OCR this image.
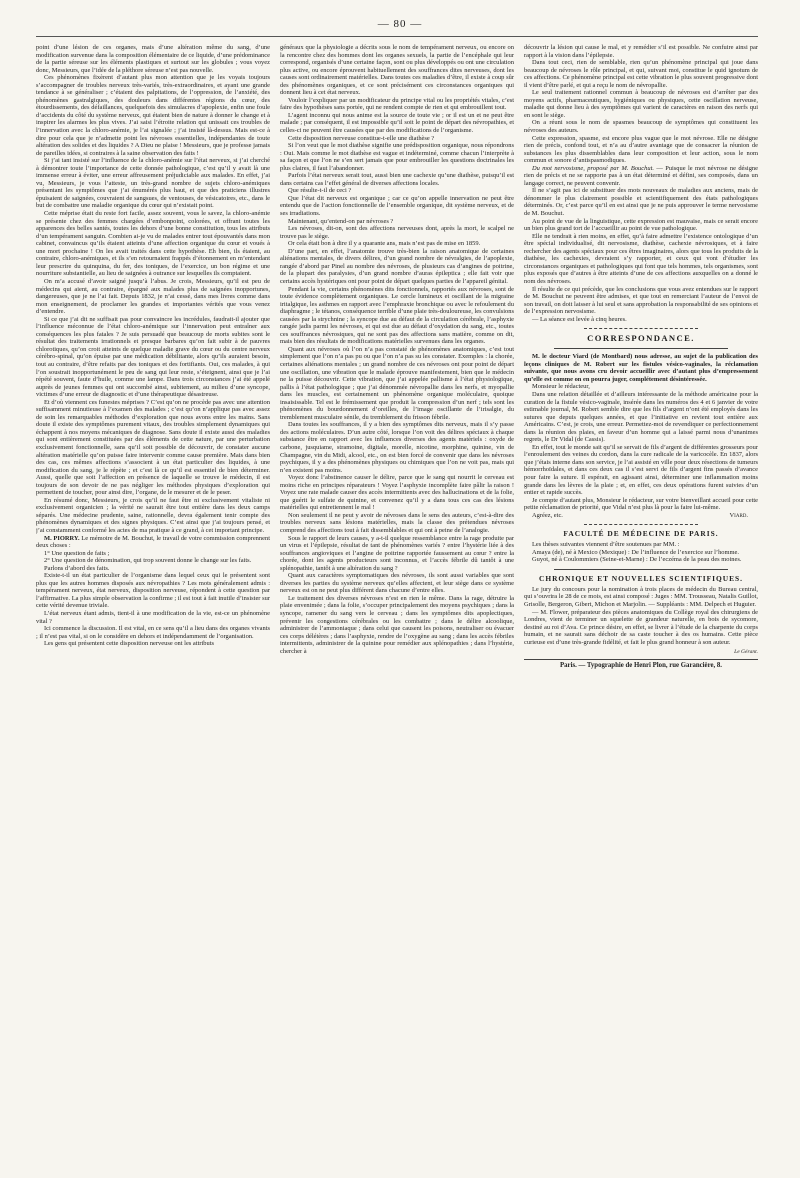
— 80 —

point d’une lésion de ces organes, mais d’une altération même du sang, d’une modification survenue dans la composition élémentaire de ce liquide, d’une prédominance de la partie séreuse sur les éléments plastiques et surtout sur les globules ; vous voyez donc, Messieurs, que l’idée de la pléthore séreuse n’est pas nouvelle.

Ces phénomènes fixèrent d’autant plus mon attention que je les voyais toujours s’accompagner de troubles nerveux très-variés, très-extraordinaires, et ayant une grande tendance à se généraliser ; c’étaient des palpitations, de l’oppression, de l’anxiété, des phénomènes gastralgiques, des douleurs dans différentes régions du cœur, des étourdissements, des défaillances, quelquefois des simulacres d’apoplexie, enfin une foule d’accidents du côté du système nerveux, qui étaient bien de nature à donner le change et à inspirer les alarmes les plus vives. J’ai saisi l’étroite relation qui unissait ces troubles de l’innervation avec la chloro-anémie, je l’ai signalée ; j’ai insisté là-dessus. Mais est-ce à dire pour cela que je n’admette point les névroses essentielles, indépendantes de toute altération des solides et des liquides ? A Dieu ne plaise ! Messieurs, que je professe jamais de pareilles idées, si contraires à la saine observation des faits !

Si j’ai tant insisté sur l’influence de la chloro-anémie sur l’état nerveux, si j’ai cherché à démontrer toute l’importance de cette donnée pathologique, c’est qu’il y avait là une immense erreur à éviter, une erreur affreusement préjudiciable aux malades. En effet, j’ai vu, Messieurs, je vous l’atteste, un très-grand nombre de sujets chloro-anémiques présentant les symptômes que j’ai énumérés plus haut, et que des praticiens illustres épuisaient de saignées, couvraient de sangsues, de ventouses, de vésicatoires, etc., dans le but de combattre une maladie organique du cœur qui n’existait point.

Cette méprise était du reste fort facile, assez souvent, vous le savez, la chloro-anémie se présente chez des femmes chargées d’embonpoint, colorées, et offrant toutes les apparences des belles santés, toutes les dehors d’une bonne constitution, tous les attributs d’un tempérament sanguin. Combien ai-je vu de malades entrer tout épouvantés dans mon cabinet, convaincus qu’ils étaient atteints d’une affection organique du cœur et voués à une mort prochaine ! On les avait traités dans cette hypothèse. Eh bien, ils étaient, au contraire, chloro-anémiques, et ils s’en retournaient frappés d’étonnement en m’entendant leur prescrire du quinquina, du fer, des toniques, de l’exercice, un bon régime et une nourriture substantielle, au lieu de saignées à outrance sur lesquelles ils comptaient.

On m’a accusé d’avoir saigné jusqu’à l’abus. Je crois, Messieurs, qu’il est peu de médecins qui aient, au contraire, épargné aux malades plus de saignées inopportunes, dangereuses, que je ne l’ai fait. Depuis 1832, je n’ai cessé, dans mes livres comme dans mon enseignement, de proclamer les grandes et importantes vérités que vous venez d’entendre.

Si ce que j’ai dit ne suffisait pas pour convaincre les incrédules, faudrait-il ajouter que l’influence méconnue de l’état chloro-anémique sur l’innervation peut entraîner aux conséquences les plus fatales ? Je suis persuadé que beaucoup de morts subites sont le résultat des traitements irrationnels et presque barbares qu’on fait subir à de pauvres chlorotiques, qu’on croit atteints de quelque maladie grave du cœur ou du centre nerveux cérébro-spinal, qu’on épuise par une médication débilitante, alors qu’ils auraient besoin, tout au contraire, d’être refaits par des toniques et des fortifiants. Oui, ces malades, à qui l’on soustrait inopportunément le peu de sang qui leur reste, s’éteignent, ainsi que je l’ai répété souvent, faute d’huile, comme une lampe. Dans trois circonstances j’ai été appelé auprès de jeunes femmes qui ont succombé ainsi, subitement, au milieu d’une syncope, victimes d’une erreur de diagnostic et d’une thérapeutique désastreuse.

Et d’où viennent ces funestes méprises ? C’est qu’on ne procède pas avec une attention suffisamment minutieuse à l’examen des malades ; c’est qu’on n’applique pas avec assez de soin les remarquables méthodes d’exploration que nous avons entre les mains. Sans doute il existe des symptômes purement vitaux, des troubles simplement dynamiques qui échappent à nos moyens mécaniques de diagnose. Sans doute il existe aussi des maladies qui sont entièrement constituées par des éléments de cette nature, par une perturbation exclusivement fonctionnelle, sans qu’il soit possible de découvrir, de constater aucune altération matérielle qu’on puisse faire intervenir comme cause première. Mais dans bien des cas, ces mêmes affections s’associent à un état particulier des liquides, à une modification du sang, je le répète ; et c’est là ce qu’il est essentiel de bien déterminer. Aussi, quelle que soit l’affection en présence de laquelle se trouve le médecin, il est toujours de son devoir de ne pas négliger les méthodes physiques d’exploration qui permettent de toucher, pour ainsi dire, l’organe, de le mesurer et de le peser.

En résumé donc, Messieurs, je crois qu’il ne faut être ni exclusivement vitaliste ni exclusivement organicien ; la vérité ne saurait être tout entière dans les deux camps séparés. Une médecine prudente, saine, rationnelle, devra également tenir compte des phénomènes dynamiques et des signes physiques. C’est ainsi que j’ai toujours pensé, et j’ai constamment conformé les actes de ma pratique à ce grand, à cet important principe.

M. PIORRY. Le mémoire de M. Bouchut, le travail de votre commission comprennent deux choses :

1° Une question de faits ;

2° Une question de dénomination, qui trop souvent donne le change sur les faits.

Parlons d’abord des faits.

Existe-t-il un état particulier de l’organisme dans lequel ceux qui le présentent sont plus que les autres hommes disposés aux névropathies ? Les mots généralement admis : tempérament nerveux, état nerveux, disposition nerveuse, répondent à cette question par l’affirmative. La plus simple observation la confirme ; il est tout à fait inutile d’insister sur cette vérité devenue triviale.

L’état nerveux étant admis, tient-il à une modification de la vie, est-ce un phénomène vital ?

Ici commence la discussion. Il est vital, en ce sens qu’il a lieu dans des organes vivants ; il n’est pas vital, si on le considère en dehors et indépendamment de l’organisation.

Les gens qui présentent cette disposition nerveuse ont les attributs

généraux que la physiologie a décrits sous le nom de tempérament nerveux, ou encore on la rencontre chez des hommes dont les organes sexuels, la partie de l’encéphale qui leur correspond, organisés d’une certaine façon, sont ou plus développés ou ont une circulation plus active, ou encore éprouvent habituellement des souffrances dites nerveuses, dont les causes sont ordinairement matérielles. Dans toutes ces maladies d’être, il existe à coup sûr des phénomènes organiques, et ce sont précisément ces circonstances organiques qui donnent lieu à cet état nerveux.

Vouloir l’expliquer par un modificateur du principe vital ou les propriétés vitales, c’est faire des hypothèses sans portée, qui ne rendent compte de rien et qui embrouillent tout.

L’agent inconnu qui nous anime est la source de toute vie ; or il est un et ne peut être malade ; par conséquent, il est impossible qu’il soit le point de départ des névropathies, et celles-ci ne peuvent être causées que par des modifications de l’organisme.

Cette disposition nerveuse constitue-t-elle une diathèse ?

Si l’on veut que le mot diathèse signifie une prédisposition organique, nous répondrons : Oui. Mais comme le mot diathèse est vague et indéterminé, comme chacun l’interprète à sa façon et que l’on ne s’en sert jamais que pour embrouiller les questions doctrinales les plus claires, il faut l’abandonner.

Parfois l’état nerveux serait tout, aussi bien une cachexie qu’une diathèse, puisqu’il est dans certains cas l’effet général de diverses affections locales.

Que résulte-t-il de ceci ?

Que l’état dit nerveux est organique ; car ce qu’on appelle innervation ne peut être entendu que de l’action fonctionnelle de l’ensemble organique, dit système nerveux, et de ses irradiations.

Maintenant, qu’entend-on par névroses ?

Les névroses, dit-on, sont des affections nerveuses dont, après la mort, le scalpel ne trouve pas le siège.

Or cela était bon à dire il y a quarante ans, mais n’est pas de mise en 1859.

D’une part, en effet, l’anatomie trouve très-bien la raison anatomique de certaines aliénations mentales, de divers délires, d’un grand nombre de névralgies, de l’apoplexie, rangée d’abord par Pinel au nombre des névroses, de plusieurs cas d’angines de poitrine, de la plupart des paralysies, d’un grand nombre d’auras épileptica ; elle fait voir que certains accès hystériques ont pour point de départ quelques parties de l’appareil génital.

Pendant la vie, certains phénomènes dits fonctionnels, rapportés aux névroses, sont de toute évidence complètement organiques. Le cercle lumineux et oscillant de la migraine iritalgique, les asthmes en rapport avec l’emphraxie bronchique ou avec le refoulement du diaphragme ; le tétanos, conséquence terrible d’une plaie très-douloureuse, les convulsions causées par la strychnine ; la syncope due au défaut de la circulation cérébrale, l’asphyxie rangée jadis parmi les névroses, et qui est due au défaut d’oxydation du sang, etc., toutes ces souffrances névrosiques, qui ne sont pas des affections sans matière, comme on dit, mais bien des résultats de modifications matérielles survenues dans les organes.

Quant aux névroses où l’on n’a pas constaté de phénomènes anatomiques, c’est tout simplement que l’on n’a pas pu ou que l’on n’a pas su les constater. Exemples : la chorée, certaines aliénations mentales ; un grand nombre de ces névroses ont pour point de départ une oscillation, une vibration que le malade éprouve manifestement, bien que le médecin ne la puisse découvrir. Cette vibration, que j’ai appelée pallisme à l’état physiologique, pallis à l’état pathologique ; que j’ai dénommée névropallie dans les nerfs, et myopallie dans les muscles, est certainement un phénomène organique moléculaire, quoique insaisissable. Tel est le frémissement que produit la compression d’un nerf ; tels sont les phénomènes du bourdonnement d’oreilles, de l’image oscillante de l’irisalgie, du tremblement musculaire sénile, du tremblement du frisson fébrile.

Dans toutes les souffrances, il y a bien des symptômes dits nerveux, mais il s’y passe des actions moléculaires. D’un autre côté, lorsque l’on voit des délires spéciaux à chaque substance être en rapport avec les influences diverses des agents matériels : oxyde de carbone, jusquiame, stramoine, digitale, morelle, nicotine, morphine, quinine, vin de Champagne, vin du Midi, alcool, etc., on est bien forcé de convenir que dans les névroses psychiques, il y a des phénomènes physiques ou chimiques que l’on ne voit pas, mais qui n’en existent pas moins.

Voyez donc l’abstinence causer le délire, parce que le sang qui nourrit le cerveau est moins riche en principes réparateurs ! Voyez l’asphyxie incomplète faire pâlir la raison ! Voyez une rate malade causer des accès intermittents avec des hallucinations et de la folie, que guérit le sulfate de quinine, et convenez qu’il y a dans tous ces cas des lésions matérielles qui entretiennent le mal !

Non seulement il ne peut y avoir de névroses dans le sens des auteurs, c’est-à-dire des troubles nerveux sans lésions matérielles, mais la classe des prétendues névroses comprend des affections tout à fait dissemblables et qui ont à peine de l’analogie.

Sous le rapport de leurs causes, y a-t-il quelque ressemblance entre la rage produite par un virus et l’épilepsie, résultat de tant de phénomènes variés ? entre l’hystérie liée à des souffrances angioviques et l’angine de poitrine rapportée faussement au cœur ? entre la chorée, dont les agents producteurs sont inconnus, et l’accès fébrile dû tantôt à une splénopathie, tantôt à une altération du sang ?

Quant aux caractères symptomatiques des névroses, ils sont aussi variables que sont diverses les parties du système nerveux qu’elles affectent, et leur siège dans ce système nerveux est on ne peut plus différent dans chacune d’entre elles.

Le traitement des diverses névroses n’est en rien le même. Dans la rage, détruire la plaie envenimée ; dans la folie, s’occuper principalement des moyens psychiques ; dans la syncope, ramener du sang vers le cerveau ; dans les symptômes dits apoplectiques, prévenir les congestions cérébrales ou les combattre ; dans le délire alcoolique, administrer de l’ammoniaque ; dans celui que causent les poisons, neutraliser ou évacuer ces corps délétères ; dans l’asphyxie, rendre de l’oxygène au sang ; dans les accès fébriles intermittents, administrer de la quinine pour remédier aux splénopathies ; dans l’hystérie, chercher à

découvrir la lésion qui cause le mal, et y remédier s’il est possible. Ne confuire ainsi par rapport à la vision dans l’épilepsie.

Dans tout ceci, rien de semblable, rien qu’un phénomène principal qui joue dans beaucoup de névroses le rôle principal, et qui, suivant moi, constitue le quid ignotum de ces affections. Ce phénomène principal est cette vibration le plus souvent progressive dont il vient d’être parlé, et qui a reçu le nom de névropallie.

Le seul traitement rationnel commun à beaucoup de névroses est d’arrêter par des moyens actifs, pharmaceutiques, hygiéniques ou physiques, cette oscillation nerveuse, maladie qui donne lieu à des symptômes qui varient de caractères en raison des nerfs qui en sont le siège.

On a réuni sous le nom de spasmes beaucoup de symptômes qui constituent les névroses des auteurs.

Cette expression, spasme, est encore plus vague que le mot névrose. Elle ne désigne rien de précis, confond tout, et n’a au d’autre avantage que de consacrer la réunion de substances les plus dissemblables dans leur composition et leur action, sous le nom commun et sonore d’antispasmodiques.

Du mot nervosisme, proposé par M. Bouchut. — Puisque le mot névrose ne désigne rien de précis et ne se rapporte pas à un état déterminé et défini, ses composés, dans un langage correct, ne peuvent convenir.

Il ne s’agit pas ici de substituer des mots nouveaux de maladies aux anciens, mais de dénommer le plus clairement possible et scientifiquement des états pathologiques déterminés. Or, c’est parce qu’il en est ainsi que je ne puis approuver le terme nervosisme de M. Bouchut.

Au point de vue de la linguistique, cette expression est mauvaise, mais ce serait encore un bien plus grand tort de l’accueillir au point de vue pathologique.

Elle ne tendrait à rien moins, en effet, qu’à faire admettre l’existence ontologique d’un être spécial individualisé, dit nervosisme, diathèse, cachexie névrosiques, et à faire rechercher des agents spéciaux pour ces êtres imaginaires, alors que tous les produits de la diathèse, les cachexies, devraient s’y rapporter, et ceux qui vont d’étudier les circonstances organiques et pathologiques qui font que tels hommes, tels organismes, sont plus exposés que d’autres à être atteints d’une de ces affections auxquelles on a donné le nom des névroses.

Il résulte de ce qui précède, que les conclusions que vous avez entendues sur le rapport de M. Bouchut ne peuvent être admises, et que tout en remerciant l’auteur de l’envoi de son travail, on doit laisser à lui seul et sans approbation la responsabilité de ses opinions et de l’expression nervosisme.

— La séance est levée à cinq heures.

CORRESPONDANCE.

M. le docteur Viard (de Montbard) nous adresse, au sujet de la publication des leçons cliniques de M. Robert sur les fistules vésico-vaginales, la réclamation suivante, que nous avons cru devoir accueillir avec d’autant plus d’empressement qu’elle est comme on en pourra juger, complétement désintéressée.

Monsieur le rédacteur,

Dans une relation détaillée et d’ailleurs intéressante de la méthode américaine pour la curation de la fistule vésico-vaginale, insérée dans les numéros des 4 et 6 janvier de votre estimable journal, M. Robert semble dire que les fils d’argent n’ont été employés dans les sutures que depuis quelques années, et que l’initiative en revient tout entière aux Américains. C’est, je crois, une erreur. Permettez-moi de revendiquer ce perfectionnement dans la réunion des plaies, en faveur d’un homme qui a laissé parmi nous d’unanimes regrets, le Dr Vidal (de Cassis).

En effet, tout le monde sait qu’il se servait de fils d’argent de différentes grosseurs pour l’enroulement des veines du cordon, dans la cure radicale de la varicocèle. En 1837, alors que j’étais interne dans son service, je l’ai assisté en ville pour deux résections de tumeurs hémorrhoïdales, et dans ces deux cas il s’est servi de fils d’argent fins passés d’avance pour faire la suture. Il espérait, en agissant ainsi, déterminer une inflammation moins grande dans les lèvres de la plaie ; et, en effet, ces deux opérations furent suivies d’un entier et rapide succès.

Je compte d’autant plus, Monsieur le rédacteur, sur votre bienveillant accueil pour cette petite réclamation de priorité, que Vidal n’est plus là pour la faire lui-même.

Agréez, etc.	Viard.

FACULTÉ DE MÉDECINE DE PARIS.

Les thèses suivantes viennent d’être soutenues par MM. :

Amaya (de), né à Mexico (Mexique) : De l’influence de l’exercice sur l’homme.

Guyot, né à Coulommiers (Seine-et-Marne) : De l’eczéma de la peau des moines.

CHRONIQUE ET NOUVELLES SCIENTIFIQUES.

Le jury du concours pour la nomination à trois places de médecin du Bureau central, qui s’ouvrira le 28 de ce mois, est ainsi composé : Juges : MM. Trousseau, Natalis Guillot, Grisolle, Bergeron, Gibert, Michon et Marjolin. — Suppléants : MM. Delpech et Huguier.

— M. Flower, préparateur des pièces anatomiques du Collège royal des chirurgiens de Londres, vient de terminer un squelette de grandeur naturelle, en bois de sycomore, destiné au roi d’Ava. Ce prince désire, en effet, se livrer à l’étude de la charpente du corps humain, et ne saurait sans déchoir de sa caste toucher à des os humains. Cette pièce curieuse est d’une très-grande fidélité, et fait le plus grand honneur à son auteur.

Le Gérant.
Paris. — Typographie de Henri Plon, rue Garancière, 8.
